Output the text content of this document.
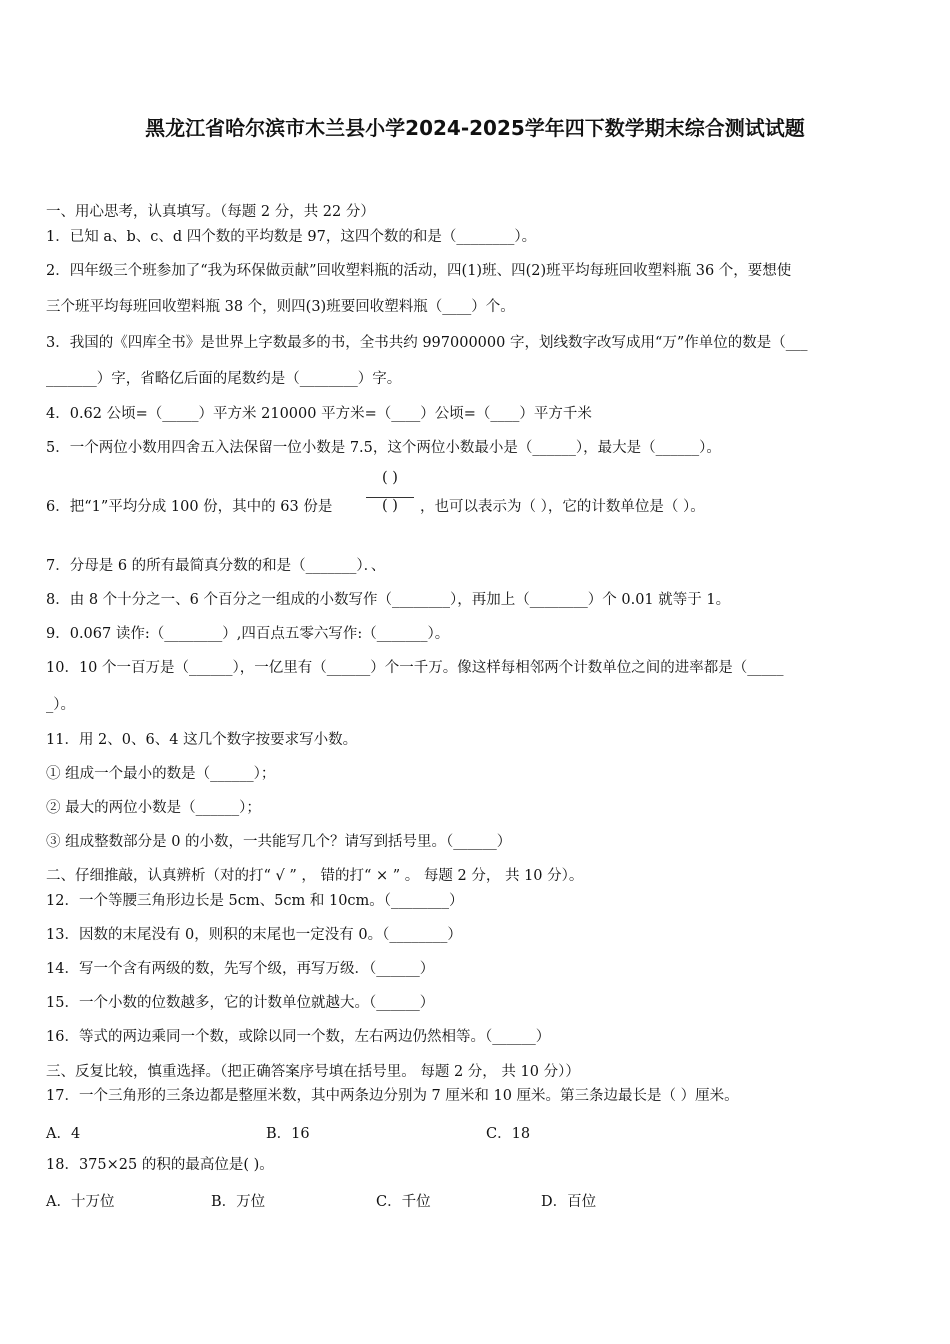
黑龙江省哈尔滨市木兰县小学2024-2025学年四下数学期末综合测试试题
一、用心思考，认真填写。（每题 2 分，共 22 分）
1．已知 a、b、c、d 四个数的平均数是 97，这四个数的和是（________）。
2．四年级三个班参加了“我为环保做贡献”回收塑料瓶的活动，四(1)班、四(2)班平均每班回收塑料瓶 36 个，要想使
三个班平均每班回收塑料瓶 38 个，则四(3)班要回收塑料瓶（____）个。
3．我国的《四库全书》是世界上字数最多的书，全书共约 997000000 字，划线数字改写成用“万”作单位的数是（___
_______）字，省略亿后面的尾数约是（________）字。
4．0.62 公顷=（_____）平方米 210000 平方米=（____）公顷=（____）平方千米
5．一个两位小数用四舍五入法保留一位小数是 7.5，这个两位小数最小是（______），最大是（______）。
6．把“1”平均分成 100 份，其中的 63 份是
( )
( )	，也可以表示为（ ），它的计数单位是（ ）。
7．分母是 6 的所有最简真分数的和是（_______）．、
8．由 8 个十分之一、6 个百分之一组成的小数写作（________），再加上（________）个 0.01 就等于 1。
9．0.067 读作:（________）,四百点五零六写作:（_______）。
10．10 个一百万是（______），一亿里有（______）个一千万。像这样每相邻两个计数单位之间的进率都是（_____
_）。
11．用 2、0、6、4 这几个数字按要求写小数。
① 组成一个最小的数是（______）；
② 最大的两位小数是（______）；
③ 组成整数部分是 0 的小数，一共能写几个？请写到括号里。（______）
二、仔细推敲，认真辨析（对的打“ √ ” ， 错的打“ × ” 。 每题 2 分， 共 10 分）。
12．一个等腰三角形边长是 5cm、5cm 和 10cm。（________）
13．因数的末尾没有 0，则积的末尾也一定没有 0。（________）
14．写一个含有两级的数，先写个级，再写万级．（______）
15．一个小数的位数越多，它的计数单位就越大。（______）
16．等式的两边乘同一个数，或除以同一个数，左右两边仍然相等。（______）
三、反复比较，慎重选择。（把正确答案序号填在括号里。 每题 2 分， 共 10 分））
17．一个三角形的三条边都是整厘米数，其中两条边分别为 7 厘米和 10 厘米。第三条边最长是（ ）厘米。
A．4	B．16	C．18
18．375×25 的积的最高位是( )。
A．十万位	B．万位	C．千位	D．百位
